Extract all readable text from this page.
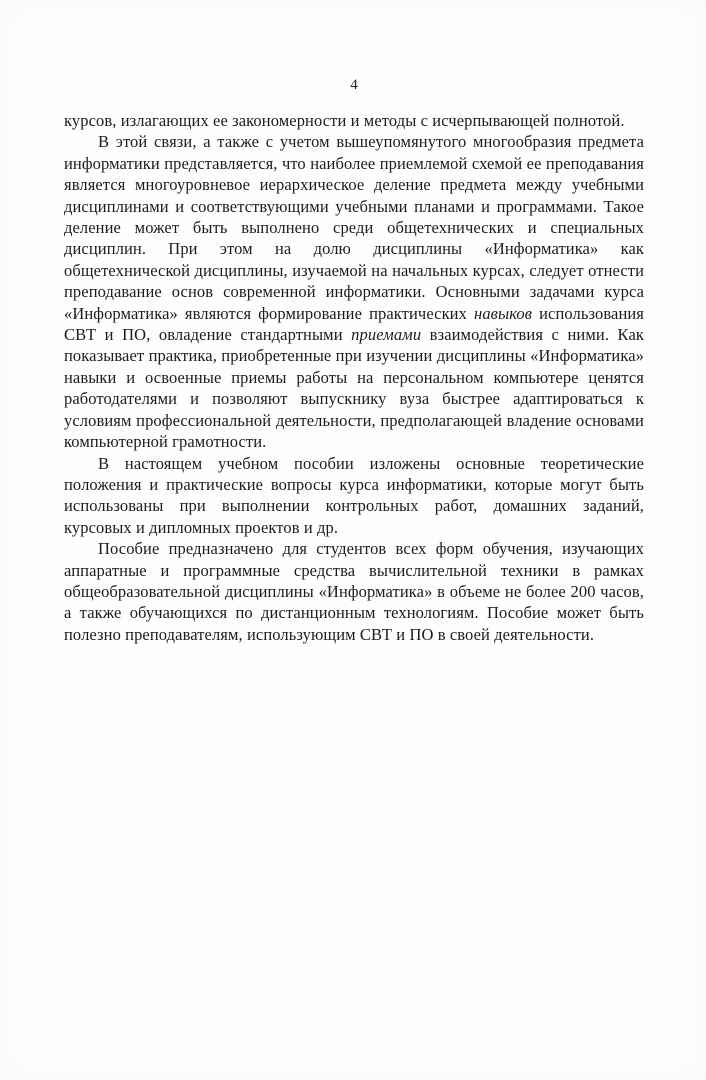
4

курсов, излагающих ее закономерности и методы с исчерпывающей полнотой.

В этой связи, а также с учетом вышеупомянутого многообразия предмета информатики представляется, что наиболее приемлемой схемой ее преподавания является многоуровневое иерархическое деление предмета между учебными дисциплинами и соответствующими учебными планами и программами. Такое деление может быть выполнено среди общетехнических и специальных дисциплин. При этом на долю дисциплины «Информатика» как общетехнической дисциплины, изучаемой на начальных курсах, следует отнести преподавание основ современной информатики. Основными задачами курса «Информатика» являются формирование практических навыков использования СВТ и ПО, овладение стандартными приемами взаимодействия с ними. Как показывает практика, приобретенные при изучении дисциплины «Информатика» навыки и освоенные приемы работы на персональном компьютере ценятся работодателями и позволяют выпускнику вуза быстрее адаптироваться к условиям профессиональной деятельности, предполагающей владение основами компьютерной грамотности.

В настоящем учебном пособии изложены основные теоретические положения и практические вопросы курса информатики, которые могут быть использованы при выполнении контрольных работ, домашних заданий, курсовых и дипломных проектов и др.

Пособие предназначено для студентов всех форм обучения, изучающих аппаратные и программные средства вычислительной техники в рамках общеобразовательной дисциплины «Информатика» в объеме не более 200 часов, а также обучающихся по дистанционным технологиям. Пособие может быть полезно преподавателям, использующим СВТ и ПО в своей деятельности.
